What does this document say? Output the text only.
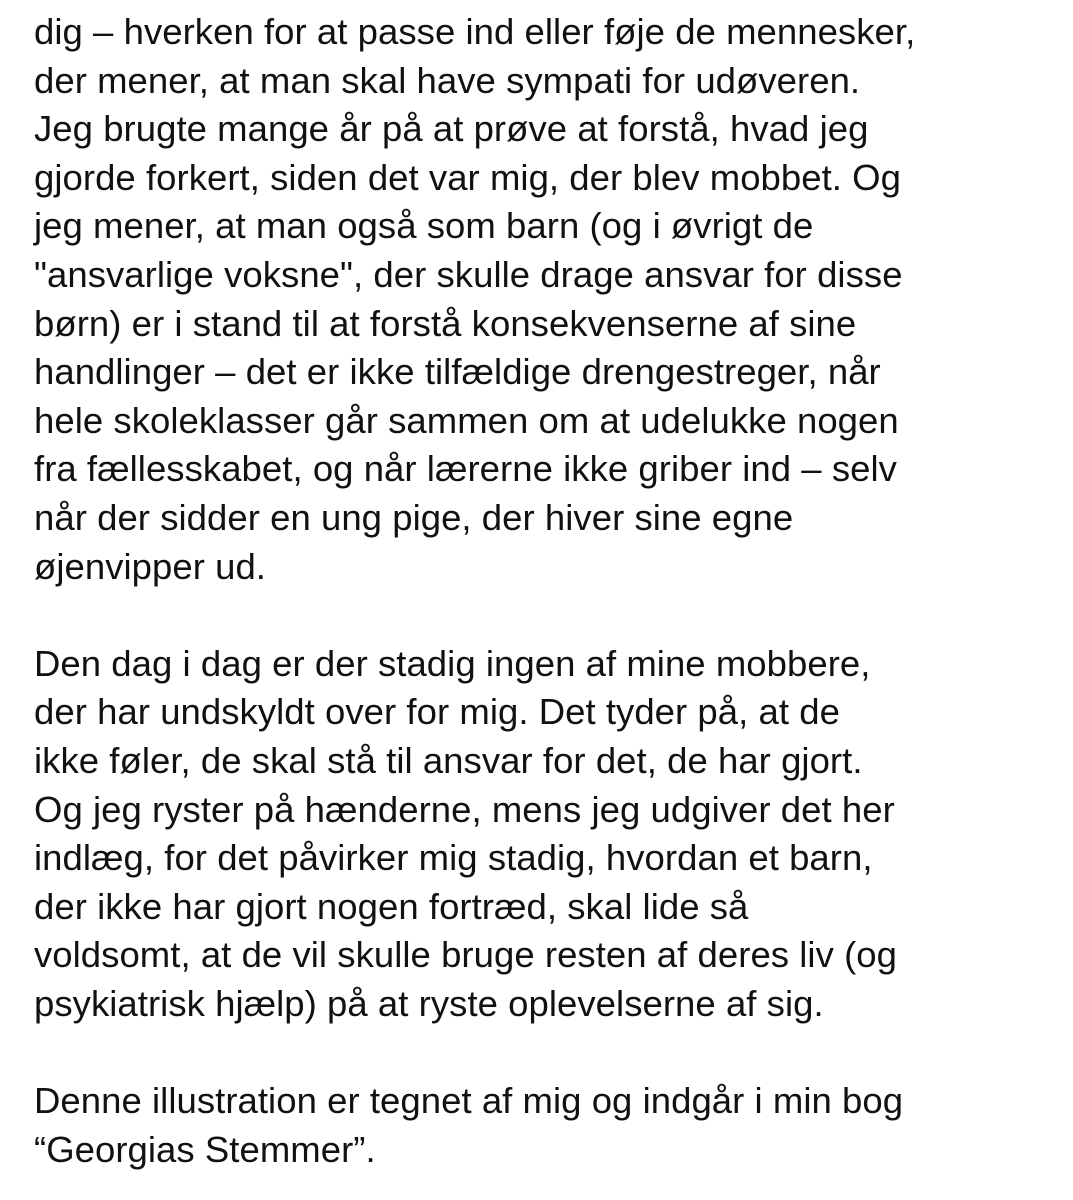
dig – hverken for at passe ind eller føje de mennesker,
der mener, at man skal have sympati for udøveren.
Jeg brugte mange år på at prøve at forstå, hvad jeg
gjorde forkert, siden det var mig, der blev mobbet. Og
jeg mener, at man også som barn (og i øvrigt de
"ansvarlige voksne", der skulle drage ansvar for disse
børn) er i stand til at forstå konsekvenserne af sine
handlinger – det er ikke tilfældige drengestreger, når
hele skoleklasser går sammen om at udelukke nogen
fra fællesskabet, og når lærerne ikke griber ind – selv
når der sidder en ung pige, der hiver sine egne
øjenvipper ud.
Den dag i dag er der stadig ingen af mine mobbere,
der har undskyldt over for mig. Det tyder på, at de
ikke føler, de skal stå til ansvar for det, de har gjort.
Og jeg ryster på hænderne, mens jeg udgiver det her
indlæg, for det påvirker mig stadig, hvordan et barn,
der ikke har gjort nogen fortræd, skal lide så
voldsomt, at de vil skulle bruge resten af deres liv (og
psykiatrisk hjælp) på at ryste oplevelserne af sig.
Denne illustration er tegnet af mig og indgår i min bog
“Georgias Stemmer”.
